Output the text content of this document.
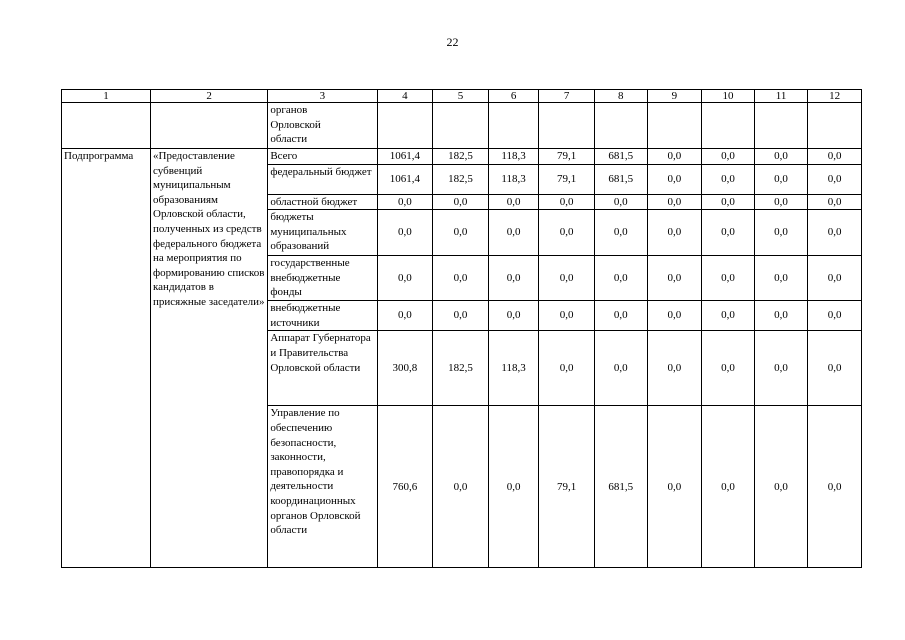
22
1	2	3	4	5	6	7	8	9	10	11	12
		органов
Орловской
области									
Подпрограмма	«Предоставление субвенций муниципальным образованиям Орловской области, полученных из средств федерального бюджета на мероприятия по формированию списков кандидатов в присяжные заседатели»	Всего	1061,4	182,5	118,3	79,1	681,5	0,0	0,0	0,0	0,0
		федеральный бюджет	1061,4	182,5	118,3	79,1	681,5	0,0	0,0	0,0	0,0
		областной бюджет	0,0	0,0	0,0	0,0	0,0	0,0	0,0	0,0	0,0
		бюджеты муниципальных образований	0,0	0,0	0,0	0,0	0,0	0,0	0,0	0,0	0,0
		государственные внебюджетные фонды	0,0	0,0	0,0	0,0	0,0	0,0	0,0	0,0	0,0
		внебюджетные источники	0,0	0,0	0,0	0,0	0,0	0,0	0,0	0,0	0,0
		Аппарат Губернатора и Правительства Орловской области	300,8	182,5	118,3	0,0	0,0	0,0	0,0	0,0	0,0
		Управление по обеспечению безопасности, законности, правопорядка и деятельности координационных органов Орловской области	760,6	0,0	0,0	79,1	681,5	0,0	0,0	0,0	0,0
